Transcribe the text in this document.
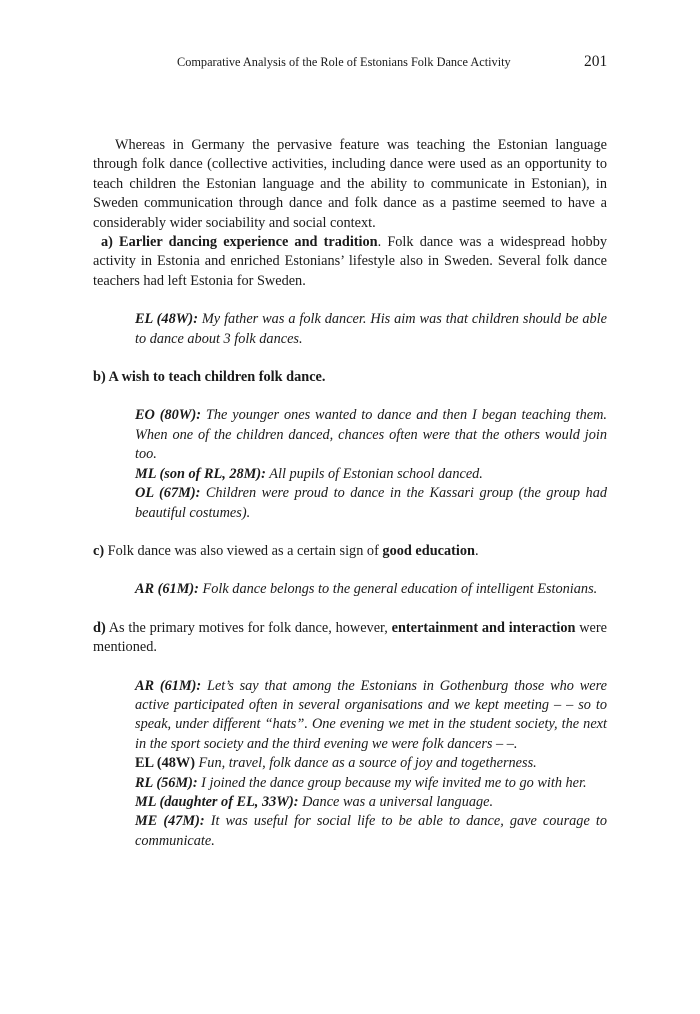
Comparative Analysis of the Role of Estonians Folk Dance Activity	201

Whereas in Germany the pervasive feature was teaching the Estonian language through folk dance (collective activities, including dance were used as an opportunity to teach children the Estonian language and the ability to communicate in Estonian), in Sweden communication through dance and folk dance as a pastime seemed to have a considerably wider sociability and social context.

a) Earlier dancing experience and tradition. Folk dance was a widespread hobby activity in Estonia and enriched Estonians’ lifestyle also in Sweden. Several folk dance teachers had left Estonia for Sweden.

EL (48W): My father was a folk dancer. His aim was that children should be able to dance about 3 folk dances.

b) A wish to teach children folk dance.

EO (80W): The younger ones wanted to dance and then I began teaching them. When one of the children danced, chances often were that the others would join too.

ML (son of RL, 28M): All pupils of Estonian school danced.

OL (67M): Children were proud to dance in the Kassari group (the group had beautiful costumes).

c) Folk dance was also viewed as a certain sign of good education.

AR (61M): Folk dance belongs to the general education of intelligent Estonians.

d) As the primary motives for folk dance, however, entertainment and interaction were mentioned.

AR (61M): Let’s say that among the Estonians in Gothenburg those who were active participated often in several organisations and we kept meeting – – so to speak, under different “hats”. One evening we met in the student society, the next in the sport society and the third evening we were folk dancers – –.

EL (48W) Fun, travel, folk dance as a source of joy and togetherness.

RL (56M): I joined the dance group because my wife invited me to go with her.

ML (daughter of EL, 33W): Dance was a universal language.

ME (47M): It was useful for social life to be able to dance, gave courage to communicate.
